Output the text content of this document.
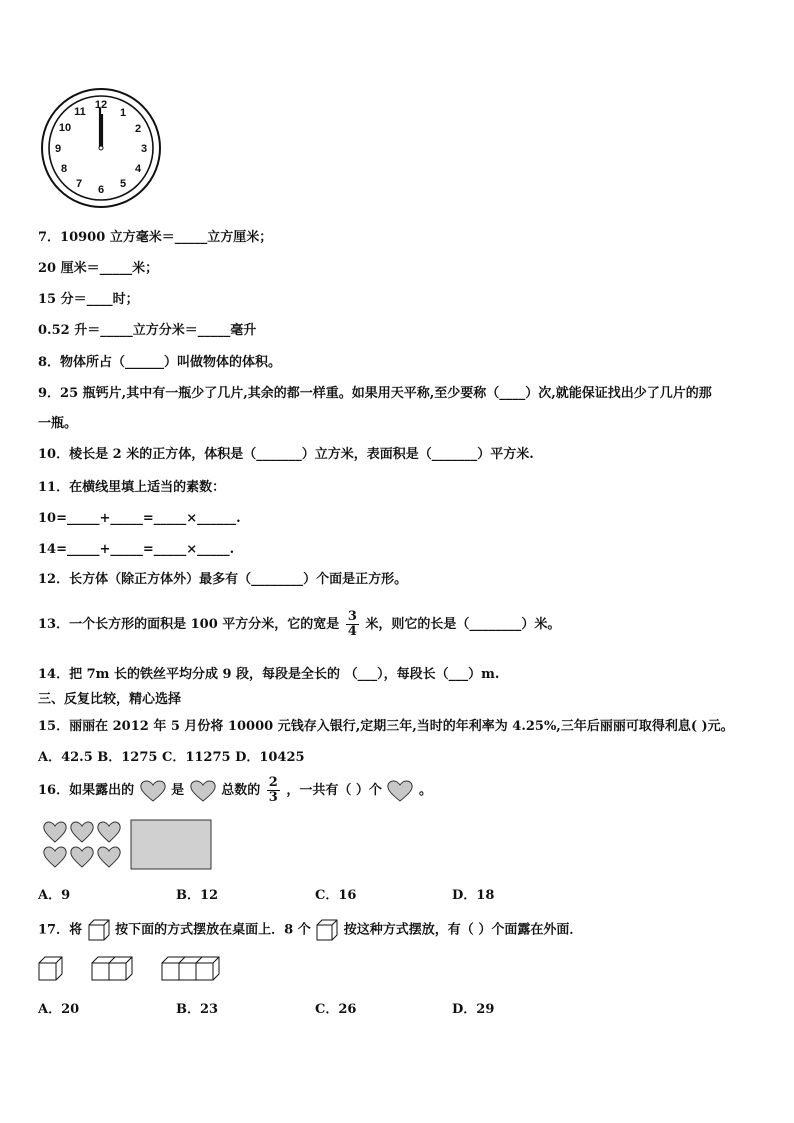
12
1
2
3
4
5
6
7
8
9
10
11
7．10900 立方毫米＝_____立方厘米；
20 厘米＝_____米；
15 分＝____时；
0.52 升＝_____立方分米＝_____毫升
8．物体所占（______）叫做物体的体积。
9．25 瓶钙片,其中有一瓶少了几片,其余的都一样重。如果用天平称,至少要称（____）次,就能保证找出少了几片的那
一瓶。
10．棱长是 2 米的正方体，体积是（_______）立方米，表面积是（_______）平方米.
11．在横线里填上适当的素数：
10=_____+_____=_____×______.
14=_____+_____=_____×_____.
12．长方体（除正方体外）最多有（________）个面是正方形。
13．一个长方形的面积是 100 平方分米，它的宽是 $\frac{3}{4}$ 米，则它的长是（________）米。
14．把 7m 长的铁丝平均分成 9 段，每段是全长的 （___），每段长（___）m.
三、反复比较，精心选择
15．丽丽在 2012 年 5 月份将 10000 元钱存入银行,定期三年,当时的年利率为 4.25%,三年后丽丽可取得利息( )元。
A．42.5 B．1275 C．11275 D．10425
16．如果露出的	是	总数的 $\frac{2}{3}$ ，一共有（ ）个	。
A．9	B．12	C．16	D．18
17．将	按下面的方式摆放在桌面上．8 个	按这种方式摆放，有（ ）个面露在外面．
A．20	B．23	C．26	D．29
